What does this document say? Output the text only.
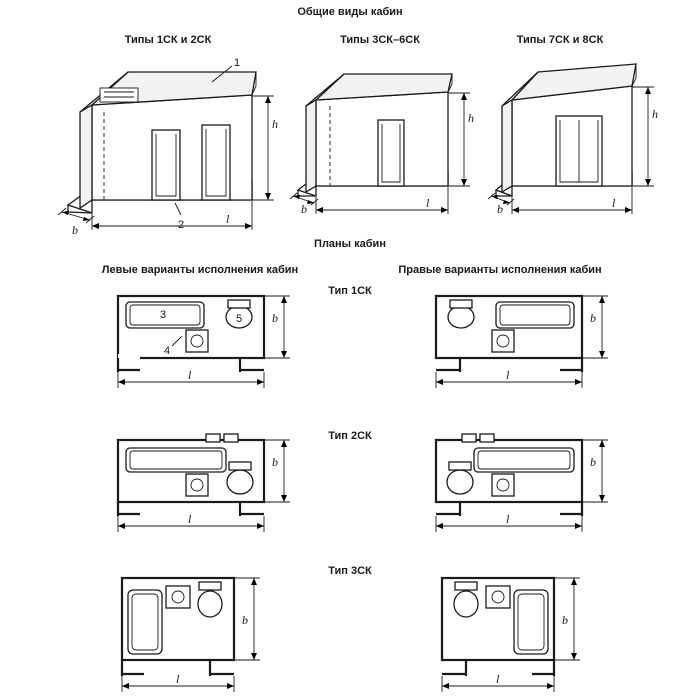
Общие виды кабин
Типы 1СК и 2СК	Типы 3СК–6СК	Типы 7СК и 8СК
Планы кабин
Левые варианты исполнения кабин	Правые варианты исполнения кабин
Тип 1СК
Тип 2СК
Тип 3СК
1
2
h
b
l
h
b	l
h
b	l
3	5
4
b
l
b
l
b
l
b
l
b
l
b
l
